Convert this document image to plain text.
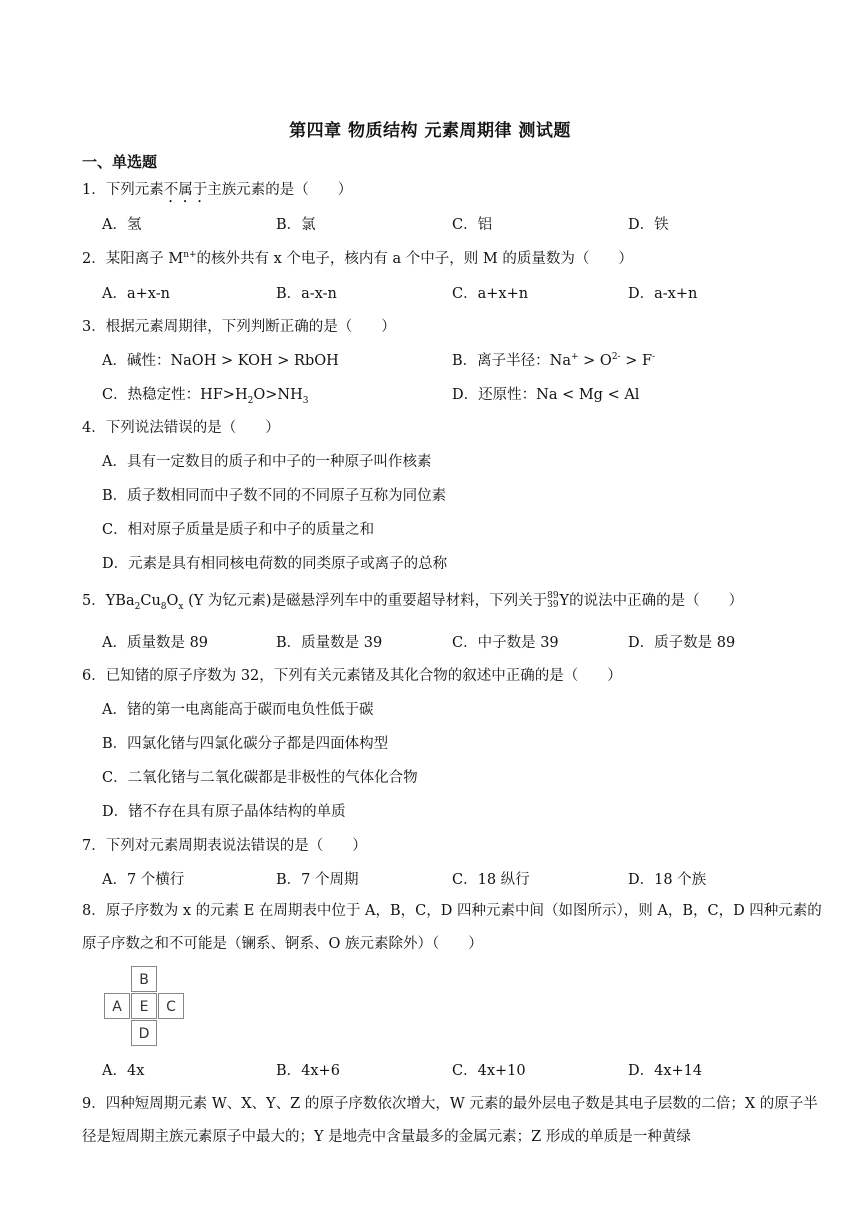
第四章 物质结构 元素周期律 测试题
一、单选题
1．下列元素不属于主族元素的是（　　）
A．氢	B．氯	C．铝	D．铁
2．某阳离子 $M^{n+}$的核外共有 x 个电子，核内有 a 个中子，则 M 的质量数为（　　）
A．a+x-n	B．a-x-n	C．a+x+n	D．a-x+n
3．根据元素周期律，下列判断正确的是（　　）
A．碱性：NaOH > KOH > RbOH	B．离子半径：$Na^+ > O^{2-} > F^-$
C．热稳定性：$HF>H_2O>NH_3$	D．还原性：Na < Mg < Al
4．下列说法错误的是（　　）
A．具有一定数目的质子和中子的一种原子叫作核素
B．质子数相同而中子数不同的不同原子互称为同位素
C．相对原子质量是质子和中子的质量之和
D．元素是具有相同核电荷数的同类原子或离子的总称
5．$YBa_2Cu_8O_x$ (Y 为钇元素)是磁悬浮列车中的重要超导材料，下列关于89
39Y的说法中正确的是（　　）
A．质量数是 89	B．质量数是 39	C．中子数是 39	D．质子数是 89
6．已知锗的原子序数为 32，下列有关元素锗及其化合物的叙述中正确的是（　　）
A．锗的第一电离能高于碳而电负性低于碳
B．四氯化锗与四氯化碳分子都是四面体构型
C．二氧化锗与二氧化碳都是非极性的气体化合物
D．锗不存在具有原子晶体结构的单质
7．下列对元素周期表说法错误的是（　　）
A．7 个横行	B．7 个周期	C．18 纵行	D．18 个族
8．原子序数为 x 的元素 E 在周期表中位于 A，B，C，D 四种元素中间（如图所示），则 A，B，C，D 四种元素的原子序数之和不可能是（镧系、锕系、O 族元素除外）（　　）
B
A	E	C
D
A．4x	B．4x+6	C．4x+10	D．4x+14
9．四种短周期元素 W、X、Y、Z 的原子序数依次增大，W 元素的最外层电子数是其电子层数的二倍；X 的原子半径是短周期主族元素原子中最大的；Y 是地壳中含量最多的金属元素；Z 形成的单质是一种黄绿
